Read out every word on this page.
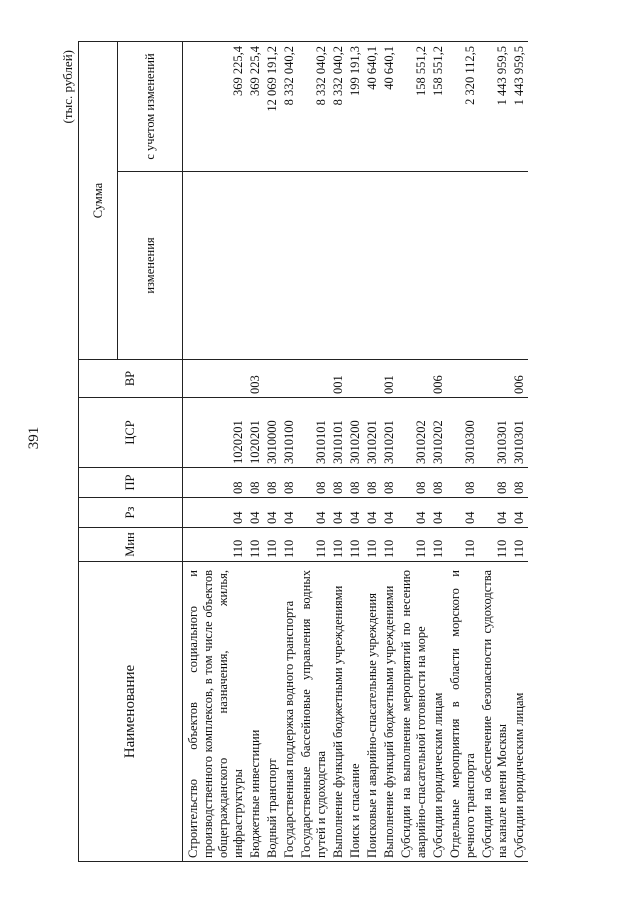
391
(тыс. рублей)
Наименование	Мин	Рз	ПР	ЦСР	ВР	Сумма	
						изменения	с учетом изменений
Строительство объектов социального и производственного комплексов, в том числе объектов общегражданского назначения, жилья, инфраструктуры	110	04	08	1020201			369 225,4
Бюджетные инвестиции	110	04	08	1020201	003		369 225,4
Водный транспорт	110	04	08	3010000			12 069 191,2
Государственная поддержка водного транспорта	110	04	08	3010100			8 332 040,2
Государственные бассейновые управления водных путей и судоходства	110	04	08	3010101			8 332 040,2
Выполнение функций бюджетными учреждениями	110	04	08	3010101	001		8 332 040,2
Поиск и спасание	110	04	08	3010200			199 191,3
Поисковые и аварийно-спасательные учреждения	110	04	08	3010201			40 640,1
Выполнение функций бюджетными учреждениями	110	04	08	3010201	001		40 640,1
Субсидии на выполнение мероприятий по несению аварийно-спасательной готовности на море	110	04	08	3010202			158 551,2
Субсидии юридическим лицам	110	04	08	3010202	006		158 551,2
Отдельные мероприятия в области морского и речного транспорта	110	04	08	3010300			2 320 112,5
Субсидии на обеспечение безопасности судоходства на канале имени Москвы	110	04	08	3010301			1 443 959,5
Субсидии юридическим лицам	110	04	08	3010301	006		1 443 959,5
